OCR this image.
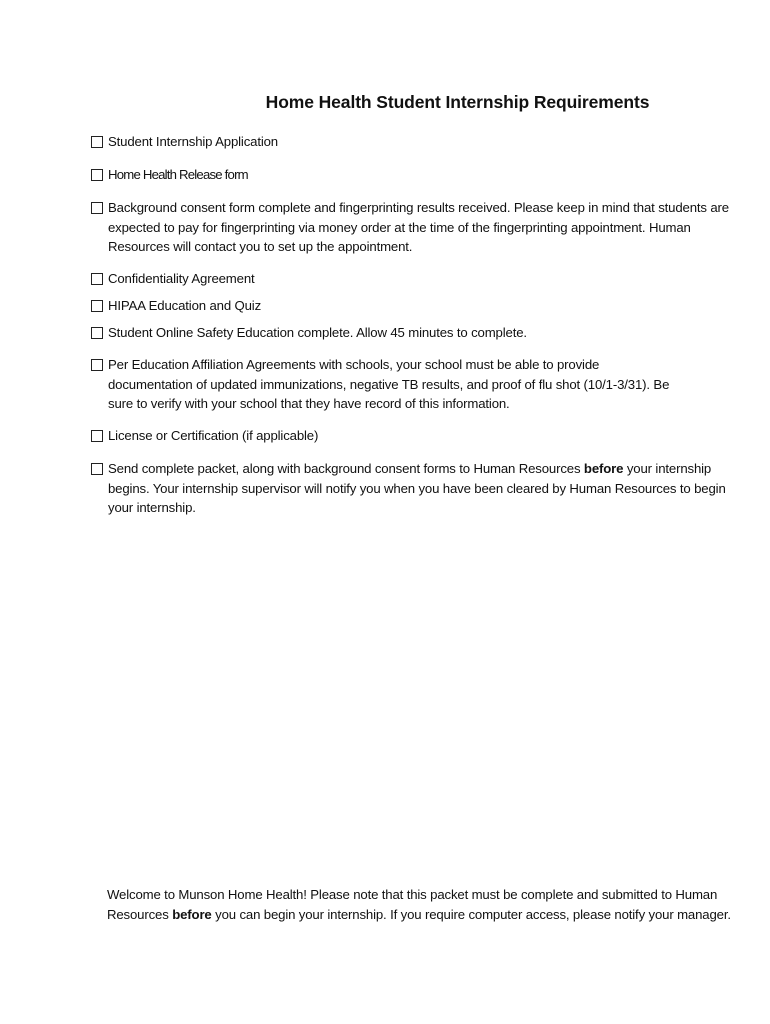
Home Health Student Internship Requirements
Student Internship Application
Home Health Release form
Background consent form complete and fingerprinting results received. Please keep in mind that students are expected to pay for fingerprinting via money order at the time of the fingerprinting appointment. Human Resources will contact you to set up the appointment.
Confidentiality Agreement
HIPAA Education and Quiz
Student Online Safety Education complete. Allow 45 minutes to complete.
Per Education Affiliation Agreements with schools, your school must be able to provide documentation of updated immunizations, negative TB results, and proof of flu shot (10/1-3/31). Be sure to verify with your school that they have record of this information.
License or Certification (if applicable)
Send complete packet, along with background consent forms to Human Resources before your internship begins. Your internship supervisor will notify you when you have been cleared by Human Resources to begin your internship.
Welcome to Munson Home Health! Please note that this packet must be complete and submitted to Human Resources before you can begin your internship. If you require computer access, please notify your manager.
